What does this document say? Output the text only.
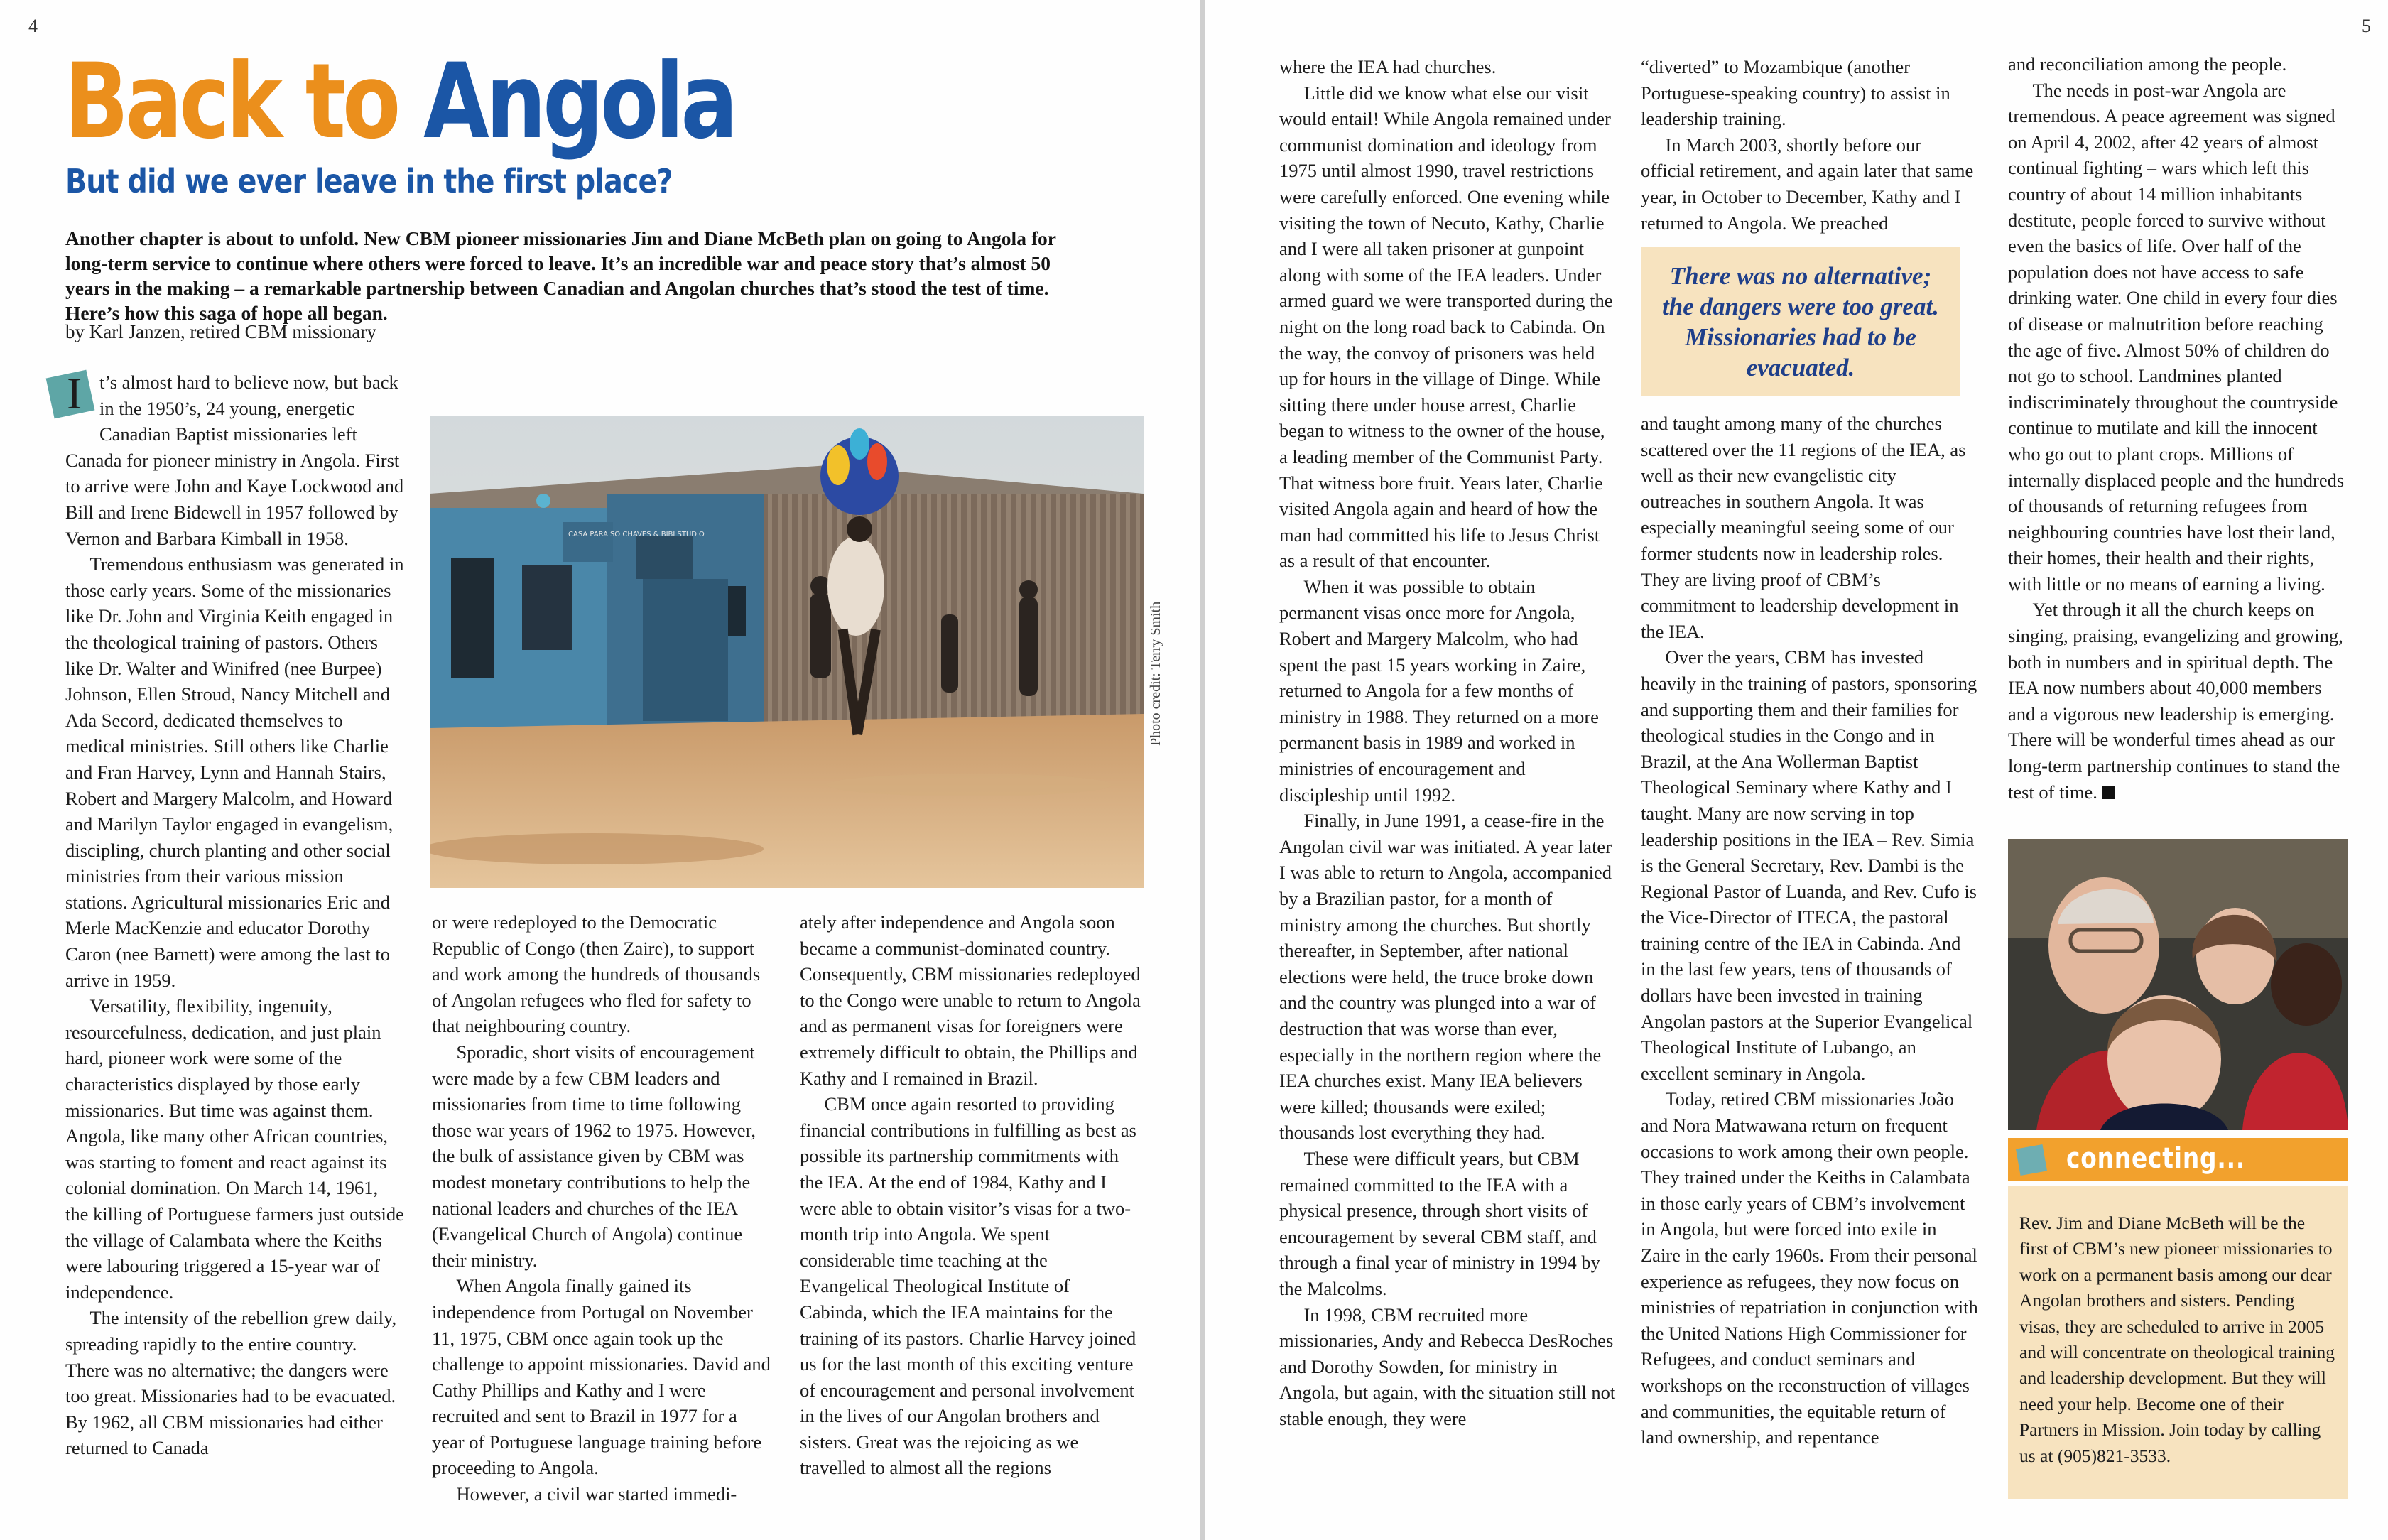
4
Back to Angola
But did we ever leave in the first place?
Another chapter is about to unfold. New CBM pioneer missionaries Jim and Diane McBeth plan on going to Angola for long-term service to continue where others were forced to leave. It’s an incredible war and peace story that’s almost 50 years in the making – a remarkable partnership between Canadian and Angolan churches that’s stood the test of time. Here’s how this saga of hope all began.
by Karl Janzen, retired CBM missionary

I t’s almost hard to believe now, but back in the 1950’s, 24 young, energetic Canadian Baptist missionaries left Canada for pioneer ministry in Angola. First to arrive were John and Kaye Lockwood and Bill and Irene Bidewell in 1957 followed by Vernon and Barbara Kimball in 1958.

Tremendous enthusiasm was generated in those early years. Some of the missionaries like Dr. John and Virginia Keith engaged in the theological training of pastors. Others like Dr. Walter and Winifred (nee Burpee) Johnson, Ellen Stroud, Nancy Mitchell and Ada Secord, dedicated themselves to medical ministries. Still others like Charlie and Fran Harvey, Lynn and Hannah Stairs, Robert and Margery Malcolm, and Howard and Marilyn Taylor engaged in evangelism, discipling, church planting and other social ministries from their various mission stations. Agricultural missionaries Eric and Merle MacKenzie and educator Dorothy Caron (nee Barnett) were among the last to arrive in 1959.

Versatility, flexibility, ingenuity, resourcefulness, dedication, and just plain hard, pioneer work were some of the characteristics displayed by those early missionaries. But time was against them. Angola, like many other African countries, was starting to foment and react against its colonial domination. On March 14, 1961, the killing of Portuguese farmers just outside the village of Calambata where the Keiths were labouring triggered a 15-year war of independence.

The intensity of the rebellion grew daily, spreading rapidly to the entire country. There was no alternative; the dangers were too great. Missionaries had to be evacuated. By 1962, all CBM missionaries had either returned to Canada

CASA PARAISO CHAVES & BIBI STUDIO
Photo credit: Terry Smith

or were redeployed to the Democratic Republic of Congo (then Zaire), to support and work among the hundreds of thousands of Angolan refugees who fled for safety to that neighbouring country.

Sporadic, short visits of encouragement were made by a few CBM leaders and missionaries from time to time following those war years of 1962 to 1975. However, the bulk of assistance given by CBM was modest monetary contributions to help the national leaders and churches of the IEA (Evangelical Church of Angola) continue their ministry.

When Angola finally gained its independence from Portugal on November 11, 1975, CBM once again took up the challenge to appoint missionaries. David and Cathy Phillips and Kathy and I were recruited and sent to Brazil in 1977 for a year of Portuguese language training before proceeding to Angola.

However, a civil war started immedi-

ately after independence and Angola soon became a communist-dominated country. Consequently, CBM missionaries redeployed to the Congo were unable to return to Angola and as permanent visas for foreigners were extremely difficult to obtain, the Phillips and Kathy and I remained in Brazil.

CBM once again resorted to providing financial contributions in fulfilling as best as possible its partnership commitments with the IEA. At the end of 1984, Kathy and I were able to obtain visitor’s visas for a two-month trip into Angola. We spent considerable time teaching at the Evangelical Theological Institute of Cabinda, which the IEA maintains for the training of its pastors. Charlie Harvey joined us for the last month of this exciting venture of encouragement and personal involvement in the lives of our Angolan brothers and sisters. Great was the rejoicing as we travelled to almost all the regions

5

where the IEA had churches.

Little did we know what else our visit would entail! While Angola remained under communist domination and ideology from 1975 until almost 1990, travel restrictions were carefully enforced. One evening while visiting the town of Necuto, Kathy, Charlie and I were all taken prisoner at gunpoint along with some of the IEA leaders. Under armed guard we were transported during the night on the long road back to Cabinda. On the way, the convoy of prisoners was held up for hours in the village of Dinge. While sitting there under house arrest, Charlie began to witness to the owner of the house, a leading member of the Communist Party. That witness bore fruit. Years later, Charlie visited Angola again and heard of how the man had committed his life to Jesus Christ as a result of that encounter.

When it was possible to obtain permanent visas once more for Angola, Robert and Margery Malcolm, who had spent the past 15 years working in Zaire, returned to Angola for a few months of ministry in 1988. They returned on a more permanent basis in 1989 and worked in ministries of encouragement and discipleship until 1992.

Finally, in June 1991, a cease-fire in the Angolan civil war was initiated. A year later I was able to return to Angola, accompanied by a Brazilian pastor, for a month of ministry among the churches. But shortly thereafter, in September, after national elections were held, the truce broke down and the country was plunged into a war of destruction that was worse than ever, especially in the northern region where the IEA churches exist. Many IEA believers were killed; thousands were exiled; thousands lost everything they had.

These were difficult years, but CBM remained committed to the IEA with a physical presence, through short visits of encouragement by several CBM staff, and through a final year of ministry in 1994 by the Malcolms.

In 1998, CBM recruited more missionaries, Andy and Rebecca DesRoches and Dorothy Sowden, for ministry in Angola, but again, with the situation still not stable enough, they were

“diverted” to Mozambique (another Portuguese-speaking country) to assist in leadership training.

In March 2003, shortly before our official retirement, and again later that same year, in October to December, Kathy and I returned to Angola. We preached

There was no alternative; the dangers were too great. Missionaries had to be evacuated.

and taught among many of the churches scattered over the 11 regions of the IEA, as well as their new evangelistic city outreaches in southern Angola. It was especially meaningful seeing some of our former students now in leadership roles. They are living proof of CBM’s commitment to leadership development in the IEA.

Over the years, CBM has invested heavily in the training of pastors, sponsoring and supporting them and their families for theological studies in the Congo and in Brazil, at the Ana Wollerman Baptist Theological Seminary where Kathy and I taught. Many are now serving in top leadership positions in the IEA – Rev. Simia is the General Secretary, Rev. Dambi is the Regional Pastor of Luanda, and Rev. Cufo is the Vice-Director of ITECA, the pastoral training centre of the IEA in Cabinda. And in the last few years, tens of thousands of dollars have been invested in training Angolan pastors at the Superior Evangelical Theological Institute of Lubango, an excellent seminary in Angola.

Today, retired CBM missionaries João and Nora Matwawana return on frequent occasions to work among their own people. They trained under the Keiths in Calambata in those early years of CBM’s involvement in Angola, but were forced into exile in Zaire in the early 1960s. From their personal experience as refugees, they now focus on ministries of repatriation in conjunction with the United Nations High Commissioner for Refugees, and conduct seminars and workshops on the reconstruction of villages and communities, the equitable return of land ownership, and repentance

and reconciliation among the people.

The needs in post-war Angola are tremendous. A peace agreement was signed on April 4, 2002, after 42 years of almost continual fighting – wars which left this country of about 14 million inhabitants destitute, people forced to survive without even the basics of life. Over half of the population does not have access to safe drinking water. One child in every four dies of disease or malnutrition before reaching the age of five. Almost 50% of children do not go to school. Landmines planted indiscriminately throughout the countryside continue to mutilate and kill the innocent who go out to plant crops. Millions of internally displaced people and the hundreds of thousands of returning refugees from neighbouring countries have lost their land, their homes, their health and their rights, with little or no means of earning a living.

Yet through it all the church keeps on singing, praising, evangelizing and growing, both in numbers and in spiritual depth. The IEA now numbers about 40,000 members and a vigorous new leadership is emerging. There will be wonderful times ahead as our long-term partnership continues to stand the test of time.

connecting...
Rev. Jim and Diane McBeth will be the first of CBM’s new pioneer missionaries to work on a permanent basis among our dear Angolan brothers and sisters. Pending visas, they are scheduled to arrive in 2005 and will concentrate on theological training and leadership development. But they will need your help. Become one of their Partners in Mission. Join today by calling us at (905)821-3533.
